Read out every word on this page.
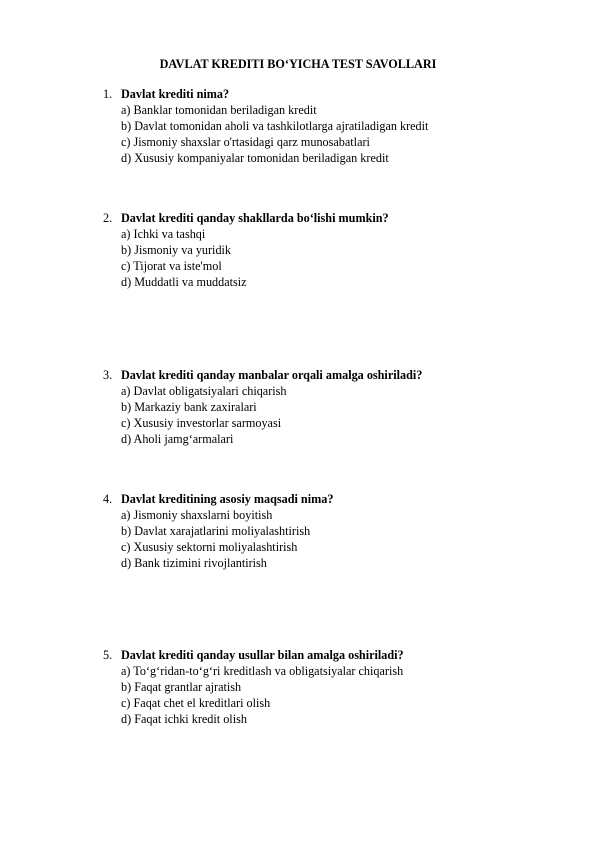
DAVLAT KREDITI BO‘YICHA TEST SAVOLLARI
1. Davlat krediti nima?
a) Banklar tomonidan beriladigan kredit
b) Davlat tomonidan aholi va tashkilotlarga ajratiladigan kredit
c) Jismoniy shaxslar o'rtasidagi qarz munosabatlari
d) Xususiy kompaniyalar tomonidan beriladigan kredit
2. Davlat krediti qanday shakllarda bo‘lishi mumkin?
a) Ichki va tashqi
b) Jismoniy va yuridik
c) Tijorat va iste'mol
d) Muddatli va muddatsiz
3. Davlat krediti qanday manbalar orqali amalga oshiriladi?
a) Davlat obligatsiyalari chiqarish
b) Markaziy bank zaxiralari
c) Xususiy investorlar sarmoyasi
d) Aholi jamg‘armalari
4. Davlat kreditining asosiy maqsadi nima?
a) Jismoniy shaxslarni boyitish
b) Davlat xarajatlarini moliyalashtirish
c) Xususiy sektorni moliyalashtirish
d) Bank tizimini rivojlantirish
5. Davlat krediti qanday usullar bilan amalga oshiriladi?
a) To‘g‘ridan-to‘g‘ri kreditlash va obligatsiyalar chiqarish
b) Faqat grantlar ajratish
c) Faqat chet el kreditlari olish
d) Faqat ichki kredit olish
